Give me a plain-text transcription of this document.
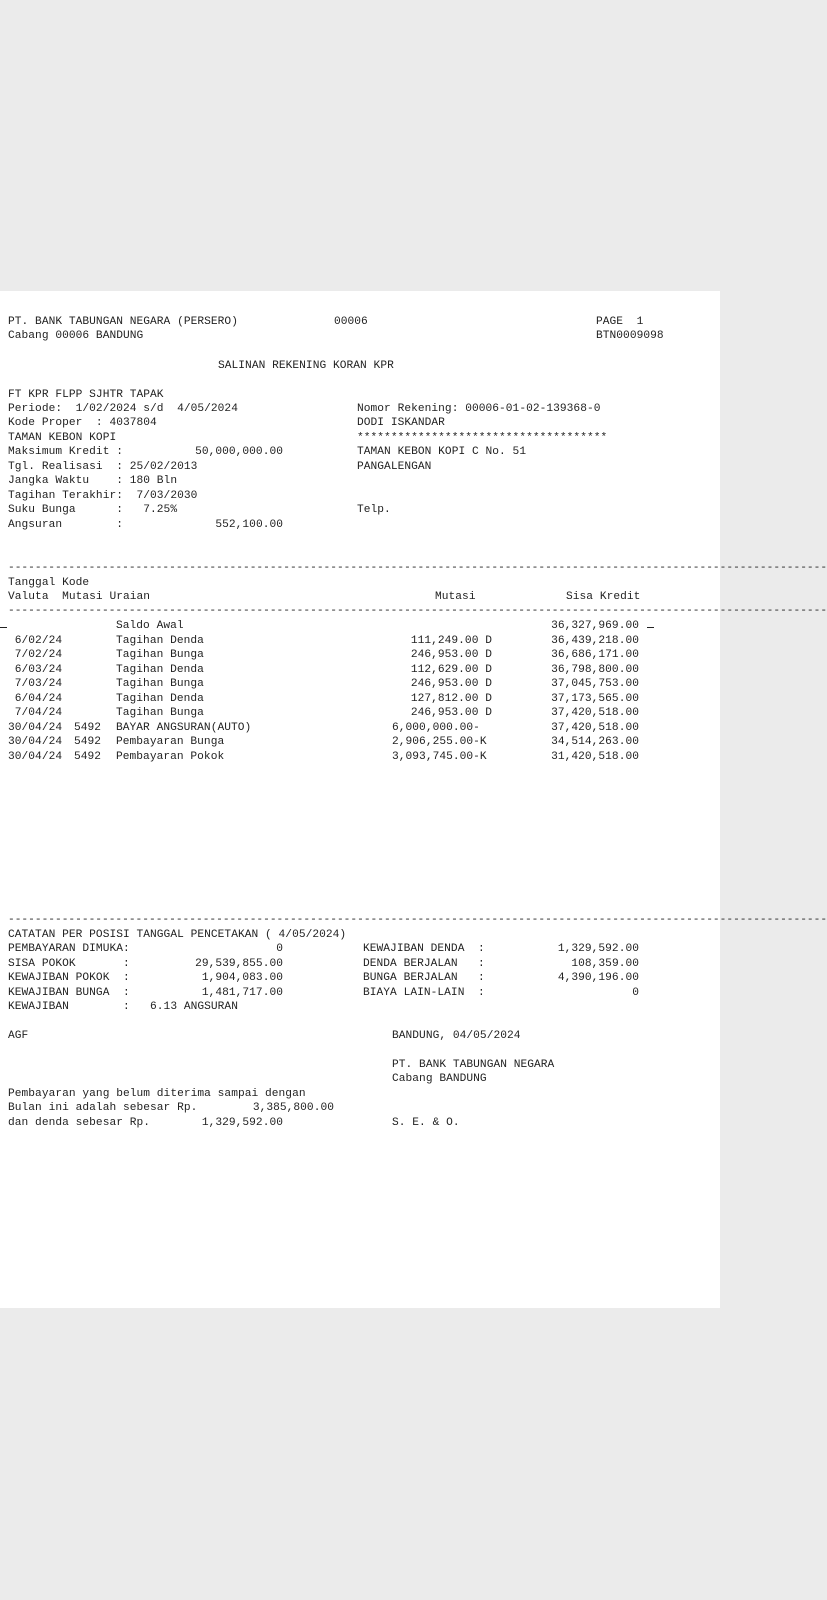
PT. BANK TABUNGAN NEGARA (PERSERO)	00006	PAGE  1
Cabang 00006 BANDUNG	BTN0009098
SALINAN REKENING KORAN KPR
FT KPR FLPP SJHTR TAPAK
Periode:  1/02/2024 s/d  4/05/2024
Kode Proper  : 4037804
TAMAN KEBON KOPI
Maksimum Kredit :	50,000,000.00
Tgl. Realisasi  : 25/02/2013
Jangka Waktu    : 180 Bln
Tagihan Terakhir:  7/03/2030
Suku Bunga      :   7.25%
Angsuran        :	552,100.00
Nomor Rekening: 00006-01-02-139368-0
DODI ISKANDAR
*************************************
TAMAN KEBON KOPI C No. 51
PANGALENGAN
Telp.
--------------------------------------------------------------------------------------------------------------------------
Tanggal Kode
Valuta  Mutasi Uraian	Mutasi	Sisa Kredit
--------------------------------------------------------------------------------------------------------------------------
Saldo Awal	36,327,969.00
6/02/24	Tagihan Denda	111,249.00 D	36,439,218.00
7/02/24	Tagihan Bunga	246,953.00 D	36,686,171.00
6/03/24	Tagihan Denda	112,629.00 D	36,798,800.00
7/03/24	Tagihan Bunga	246,953.00 D	37,045,753.00
6/04/24	Tagihan Denda	127,812.00 D	37,173,565.00
7/04/24	Tagihan Bunga	246,953.00 D	37,420,518.00
30/04/24 5492 BAYAR ANGSURAN(AUTO)	6,000,000.00-	37,420,518.00
30/04/24 5492 Pembayaran Bunga	2,906,255.00-K	34,514,263.00
30/04/24 5492 Pembayaran Pokok	3,093,745.00-K	31,420,518.00
--------------------------------------------------------------------------------------------------------------------------
CATATAN PER POSISI TANGGAL PENCETAKAN ( 4/05/2024)
PEMBAYARAN DIMUKA:	0
SISA POKOK       :	29,539,855.00
KEWAJIBAN POKOK  :	1,904,083.00
KEWAJIBAN BUNGA  :	1,481,717.00
KEWAJIBAN        :   6.13 ANGSURAN
KEWAJIBAN DENDA  :	1,329,592.00
DENDA BERJALAN   :	108,359.00
BUNGA BERJALAN   :	4,390,196.00
BIAYA LAIN-LAIN  :	0
AGF	BANDUNG, 04/05/2024
PT. BANK TABUNGAN NEGARA
Cabang BANDUNG
Pembayaran yang belum diterima sampai dengan
Bulan ini adalah sebesar Rp.	3,385,800.00
dan denda sebesar Rp.	1,329,592.00	S. E. & O.
